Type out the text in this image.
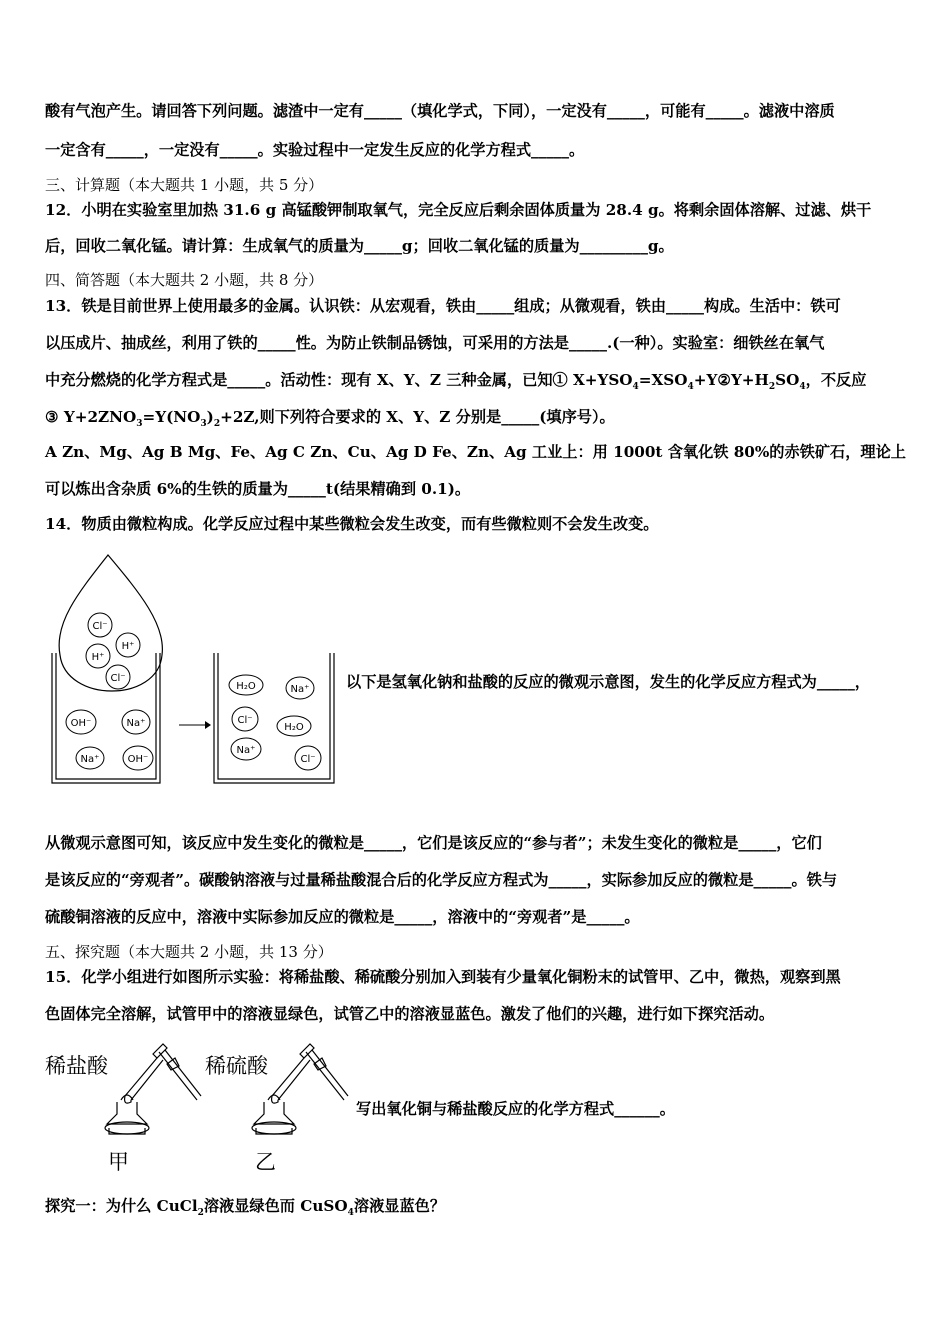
酸有气泡产生。请回答下列问题。滤渣中一定有_____（填化学式，下同），一定没有_____，可能有_____。滤液中溶质
一定含有_____，一定没有_____。实验过程中一定发生反应的化学方程式_____。
三、计算题（本大题共 1 小题，共 5 分）
12．小明在实验室里加热 31.6 g 高锰酸钾制取氧气，完全反应后剩余固体质量为 28.4 g。将剩余固体溶解、过滤、烘干
后，回收二氧化锰。请计算：生成氧气的质量为_____g；回收二氧化锰的质量为_________g。
四、简答题（本大题共 2 小题，共 8 分）
13．铁是目前世界上使用最多的金属。认识铁：从宏观看，铁由_____组成；从微观看，铁由_____构成。生活中：铁可
以压成片、抽成丝，利用了铁的_____性。为防止铁制品锈蚀，可采用的方法是_____.(一种）。实验室：细铁丝在氧气
中充分燃烧的化学方程式是_____。活动性：现有 X、Y、Z 三种金属，已知① $X+YSO_4=XSO_4+Y②Y+H_2SO_4$，不反应
③ $Y+2ZNO_3=Y(NO_3)_2+2Z$,则下列符合要求的 X、Y、Z 分别是_____(填序号）。
A Zn、Mg、Ag B Mg、Fe、Ag C Zn、Cu、Ag D Fe、Zn、Ag 工业上：用 1000t 含氧化铁 80%的赤铁矿石，理论上
可以炼出含杂质 6%的生铁的质量为_____t(结果精确到 0.1)。
14．物质由微粒构成。化学反应过程中某些微粒会发生改变，而有些微粒则不会发生改变。
Cl⁻
H⁺
H⁺
Cl⁻
OH⁻	Na⁺
Na⁺	OH⁻
H₂O	Na⁺
Cl⁻
H₂O
Na⁺
Cl⁻
以下是氢氧化钠和盐酸的反应的微观示意图，发生的化学反应方程式为_____，
从微观示意图可知，该反应中发生变化的微粒是_____，它们是该反应的“参与者”；未发生变化的微粒是_____，它们
是该反应的“旁观者”。碳酸钠溶液与过量稀盐酸混合后的化学反应方程式为_____，实际参加反应的微粒是_____。铁与
硫酸铜溶液的反应中，溶液中实际参加反应的微粒是_____，溶液中的“旁观者”是_____。
五、探究题（本大题共 2 小题，共 13 分）
15．化学小组进行如图所示实验：将稀盐酸、稀硫酸分别加入到装有少量氧化铜粉末的试管甲、乙中，微热，观察到黑
色固体完全溶解，试管甲中的溶液显绿色，试管乙中的溶液显蓝色。激发了他们的兴趣，进行如下探究活动。
稀盐酸	稀硫酸
甲	乙
写出氧化铜与稀盐酸反应的化学方程式______。
探究一：为什么 CuCl$_2$溶液显绿色而 CuSO$_4$溶液显蓝色？
